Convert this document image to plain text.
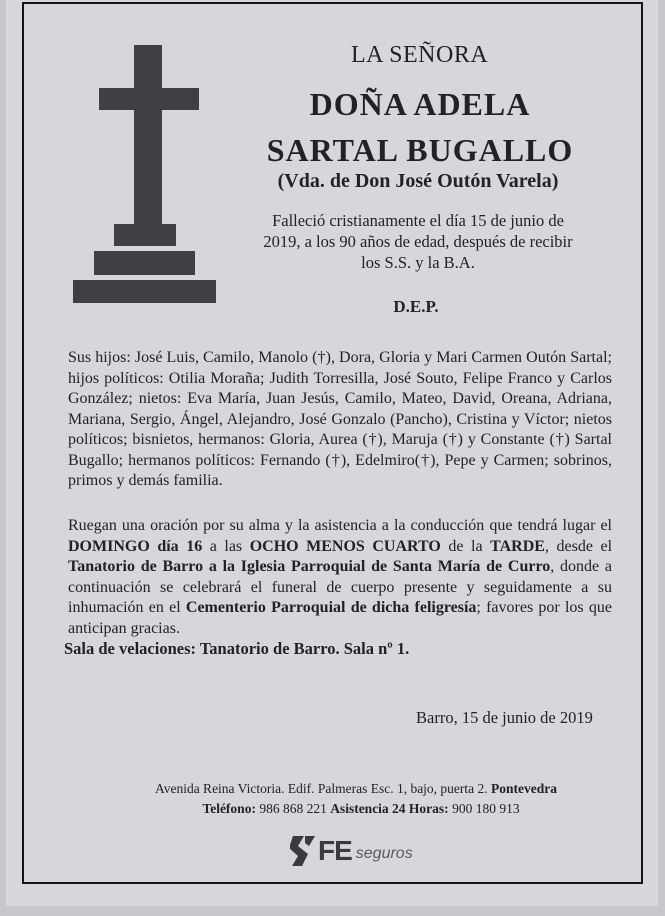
LA SEÑORA
DOÑA ADELA
SARTAL BUGALLO
(Vda. de Don José Outón Varela)
Falleció cristianamente el día 15 de junio de
2019, a los 90 años de edad, después de recibir
los S.S. y la B.A.
D.E.P.

Sus hijos: José Luis, Camilo, Manolo (†), Dora, Gloria y Mari Carmen Outón Sartal; hijos políticos: Otilia Moraña; Judith Torresilla, José Souto, Felipe Franco y Carlos González; nietos: Eva María, Juan Jesús, Camilo, Mateo, David, Oreana, Adriana, Mariana, Sergio, Ángel, Alejandro, José Gonzalo (Pancho), Cristina y Víctor; nietos políticos; bisnietos, hermanos: Gloria, Aurea (†), Maruja (†) y Constante (†) Sartal Bugallo; hermanos políticos: Fernando (†), Edelmiro(†), Pepe y Carmen; sobrinos, primos y demás familia.

Ruegan una oración por su alma y la asistencia a la conducción que tendrá lugar el DOMINGO día 16 a las OCHO MENOS CUARTO de la TARDE, desde el Tanatorio de Barro a la Iglesia Parroquial de Santa María de Curro, donde a continuación se celebrará el funeral de cuerpo presente y seguidamente a su inhumación en el Cementerio Parroquial de dicha feligresía; favores por los que anticipan gracias.

Sala de velaciones: Tanatorio de Barro. Sala nº 1.
Barro, 15 de junio de 2019
Avenida Reina Victoria. Edif. Palmeras Esc. 1, bajo, puerta 2. Pontevedra
Teléfono: 986 868 221 Asistencia 24 Horas: 900 180 913
FE seguros
